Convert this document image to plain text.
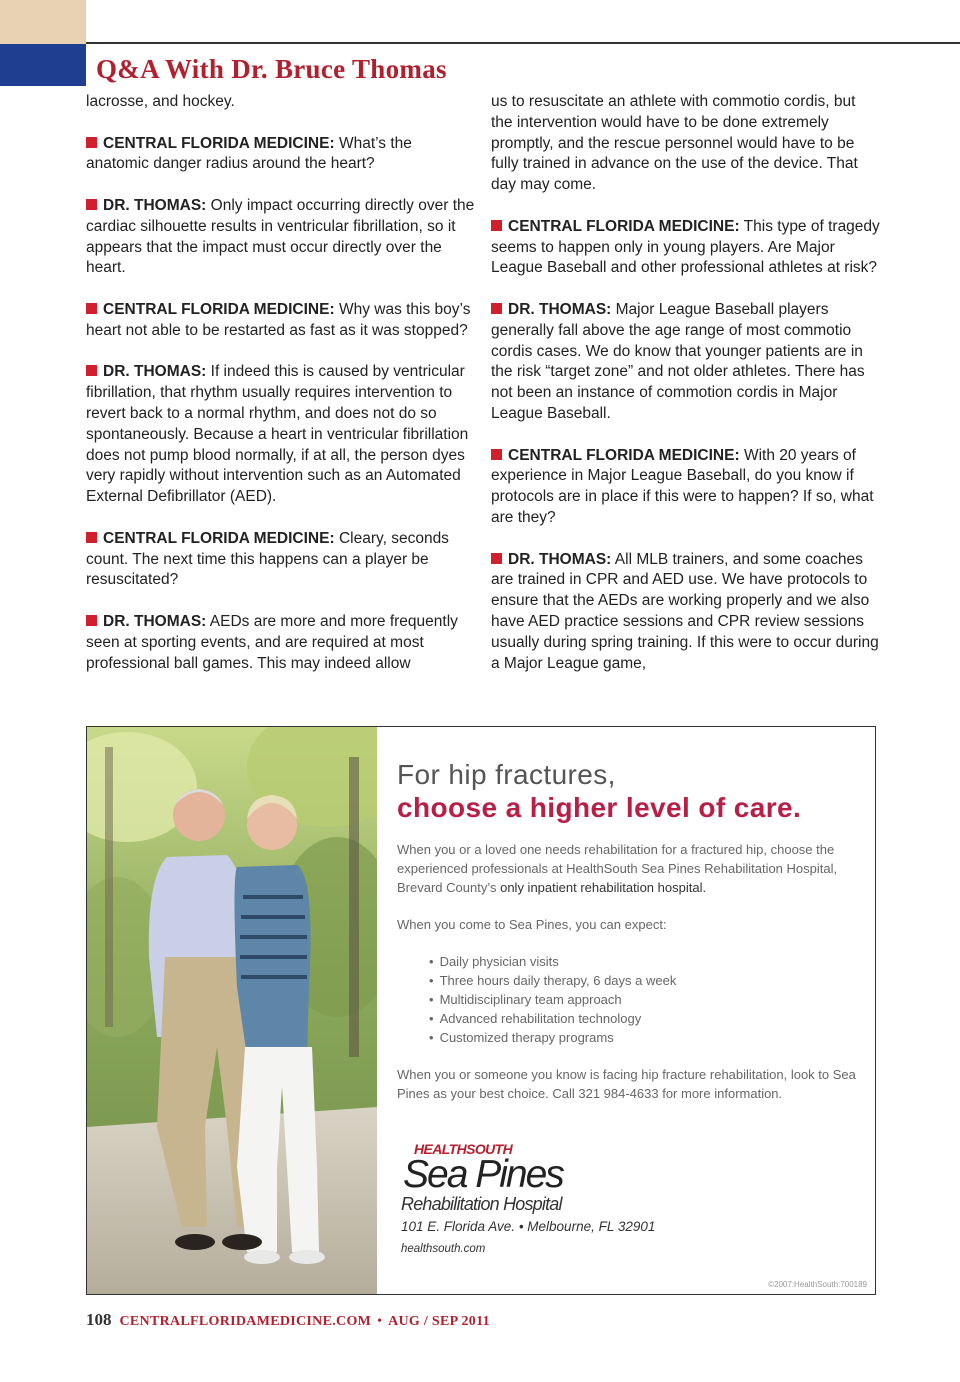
Q&A With Dr. Bruce Thomas

lacrosse, and hockey.

CENTRAL FLORIDA MEDICINE: What’s the anatomic danger radius around the heart?

DR. THOMAS: Only impact occurring directly over the cardiac silhouette results in ventricular fibrillation, so it appears that the impact must occur directly over the heart.

CENTRAL FLORIDA MEDICINE: Why was this boy’s heart not able to be restarted as fast as it was stopped?

DR. THOMAS: If indeed this is caused by ventricular fibrillation, that rhythm usually requires intervention to revert back to a normal rhythm, and does not do so spontaneously. Because a heart in ventricular fibrillation does not pump blood normally, if at all, the person dyes very rapidly without intervention such as an Automated External Defibrillator (AED).

CENTRAL FLORIDA MEDICINE: Cleary, seconds count. The next time this happens can a player be resuscitated?

DR. THOMAS: AEDs are more and more frequently seen at sporting events, and are required at most professional ball games. This may indeed allow

us to resuscitate an athlete with commotio cordis, but the intervention would have to be done extremely promptly, and the rescue personnel would have to be fully trained in advance on the use of the device. That day may come.

CENTRAL FLORIDA MEDICINE: This type of tragedy seems to happen only in young players. Are Major League Baseball and other professional athletes at risk?

DR. THOMAS: Major League Baseball players generally fall above the age range of most commotio cordis cases. We do know that younger patients are in the risk “target zone” and not older athletes. There has not been an instance of commotion cordis in Major League Baseball.

CENTRAL FLORIDA MEDICINE: With 20 years of experience in Major League Baseball, do you know if protocols are in place if this were to happen? If so, what are they?

DR. THOMAS: All MLB trainers, and some coaches are trained in CPR and AED use. We have protocols to ensure that the AEDs are working properly and we also have AED practice sessions and CPR review sessions usually during spring training. If this were to occur during a Major League game,

For hip fractures,
choose a higher level of care.

When you or a loved one needs rehabilitation for a fractured hip, choose the experienced professionals at HealthSouth Sea Pines Rehabilitation Hospital, Brevard County’s only inpatient rehabilitation hospital.

When you come to Sea Pines, you can expect:

• Daily physician visits
• Three hours daily therapy, 6 days a week
• Multidisciplinary team approach
• Advanced rehabilitation technology
• Customized therapy programs

When you or someone you know is facing hip fracture rehabilitation, look to Sea Pines as your best choice. Call 321 984-4633 for more information.

HEALTHSOUTH
Sea Pines
Rehabilitation Hospital
101 E. Florida Ave. • Melbourne, FL 32901
healthsouth.com
©2007:HealthSouth:700189
108 CENTRALFLORIDAMEDICINE.COM • AUG / SEP 2011
